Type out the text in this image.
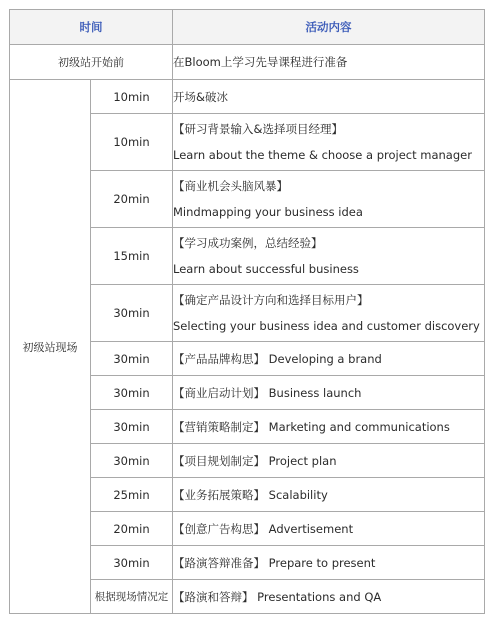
时间		活动内容
初级站开始前		在Bloom上学习先导课程进行准备

初级站现场	10min	开场&破冰

	10min	【研习背景输入&选择项目经理】
Learn about the theme & choose a project manager

	20min	【商业机会头脑风暴】
Mindmapping your business idea

	15min	【学习成功案例，总结经验】
Learn about successful business

	30min	【确定产品设计方向和选择目标用户】
Selecting your business idea and customer discovery

	30min	【产品品牌构思】 Developing a brand

	30min	【商业启动计划】 Business launch

	30min	【营销策略制定】 Marketing and communications

	30min	【项目规划制定】 Project plan

	25min	【业务拓展策略】 Scalability

	20min	【创意广告构思】 Advertisement

	30min	【路演答辩准备】 Prepare to present

	根据现场情况定	【路演和答辩】 Presentations and QA
